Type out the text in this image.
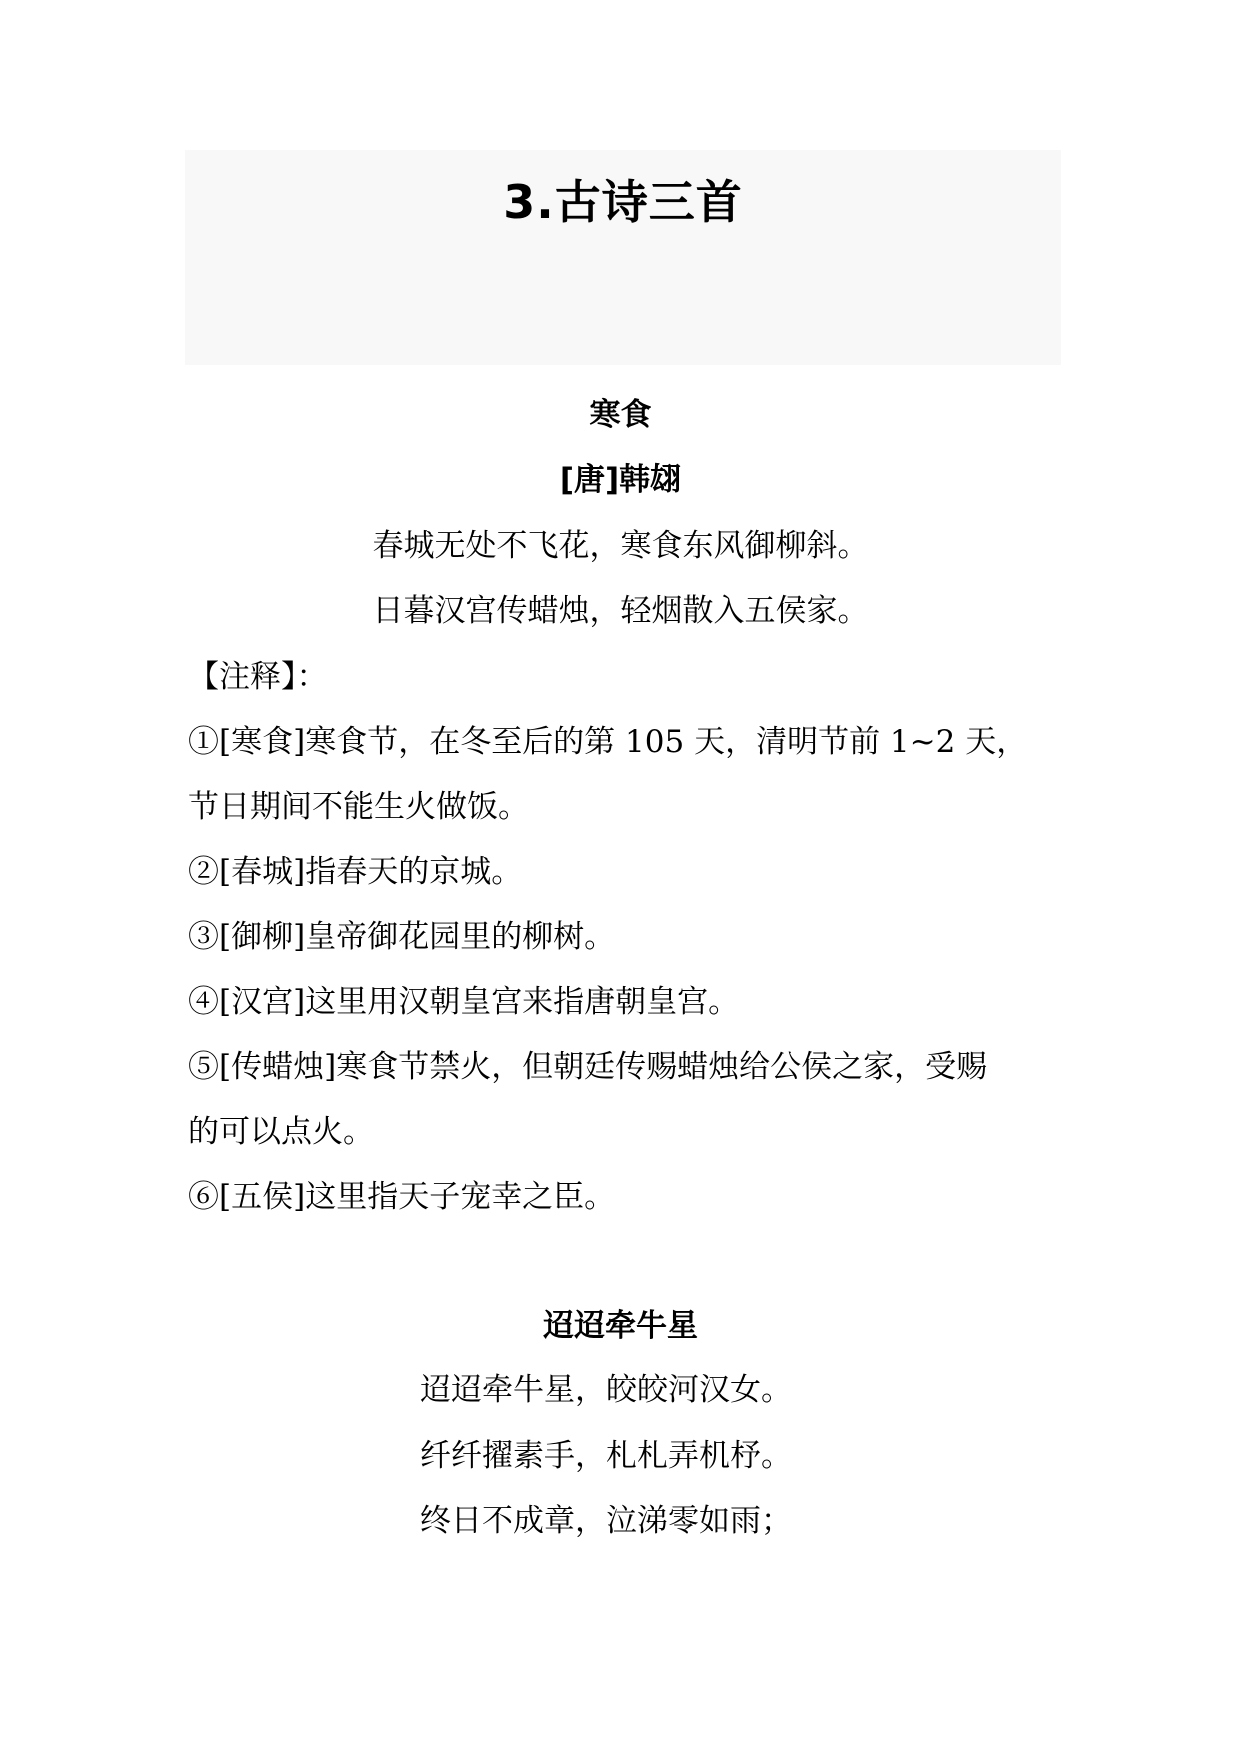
3.古诗三首
寒食
[唐]韩翃
春城无处不飞花，寒食东风御柳斜。
日暮汉宫传蜡烛，轻烟散入五侯家。
【注释】：
①[寒食]寒食节，在冬至后的第 105 天，清明节前 1~2 天，
节日期间不能生火做饭。
②[春城]指春天的京城。
③[御柳]皇帝御花园里的柳树。
④[汉宫]这里用汉朝皇宫来指唐朝皇宫。
⑤[传蜡烛]寒食节禁火，但朝廷传赐蜡烛给公侯之家，受赐
的可以点火。
⑥[五侯]这里指天子宠幸之臣。
迢迢牵牛星
迢迢牵牛星，皎皎河汉女。
纤纤擢素手，札札弄机杼。
终日不成章，泣涕零如雨；
